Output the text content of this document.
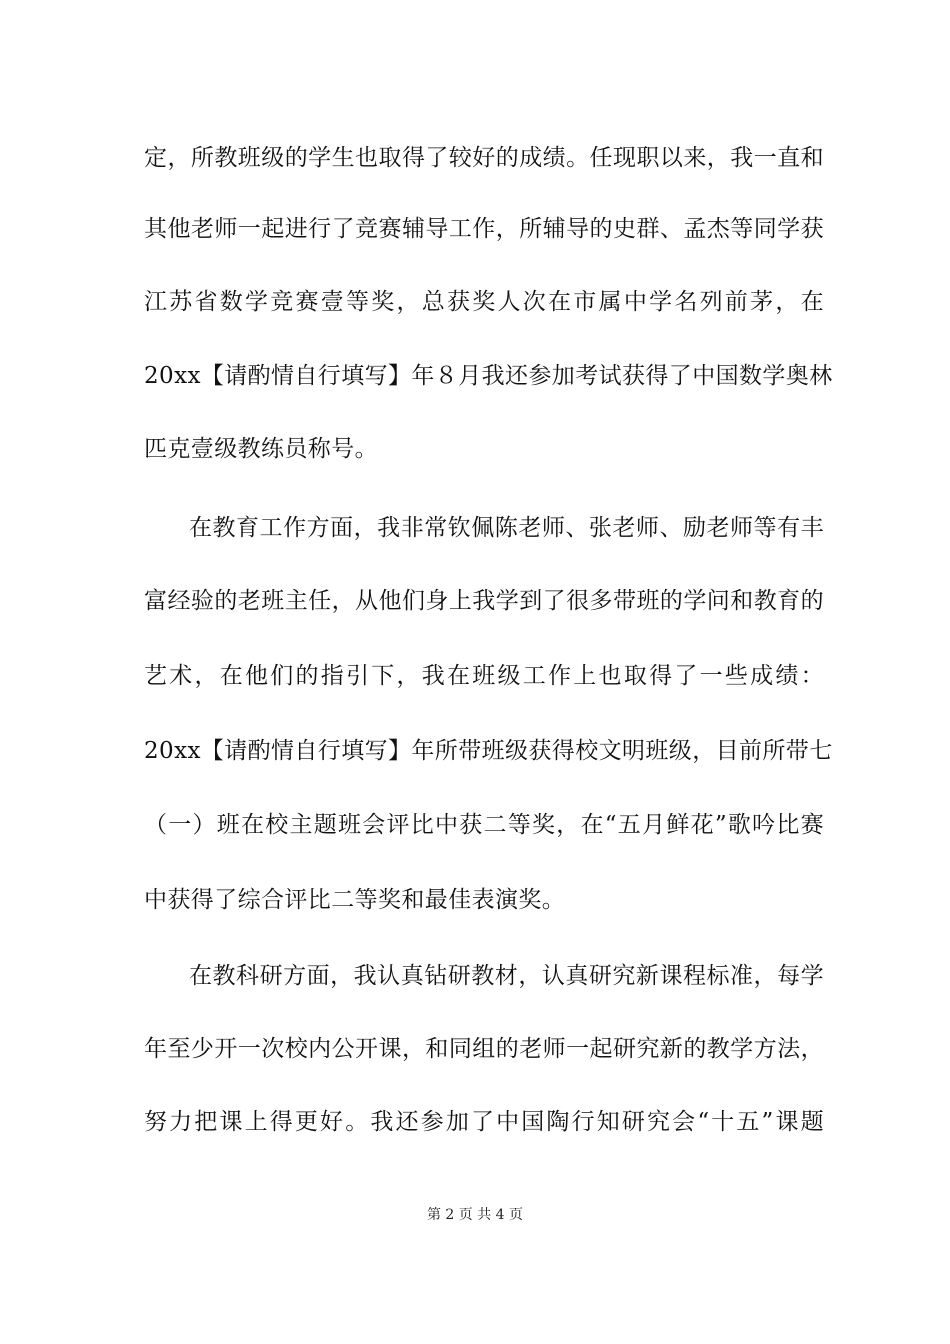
定，所教班级的学生也取得了较好的成绩。任现职以来，我一直和
其他老师一起进行了竞赛辅导工作，所辅导的史群、孟杰等同学获
江苏省数学竞赛壹等奖，总获奖人次在市属中学名列前茅，在
20xx【请酌情自行填写】年８月我还参加考试获得了中国数学奥林
匹克壹级教练员称号。
在教育工作方面，我非常钦佩陈老师、张老师、励老师等有丰
富经验的老班主任，从他们身上我学到了很多带班的学问和教育的
艺术，在他们的指引下，我在班级工作上也取得了一些成绩：
20xx【请酌情自行填写】年所带班级获得校文明班级，目前所带七
（一）班在校主题班会评比中获二等奖，在“五月鲜花”歌吟比赛
中获得了综合评比二等奖和最佳表演奖。
在教科研方面，我认真钻研教材，认真研究新课程标准，每学
年至少开一次校内公开课，和同组的老师一起研究新的教学方法，
努力把课上得更好。我还参加了中国陶行知研究会“十五”课题
第 2 页 共 4 页
